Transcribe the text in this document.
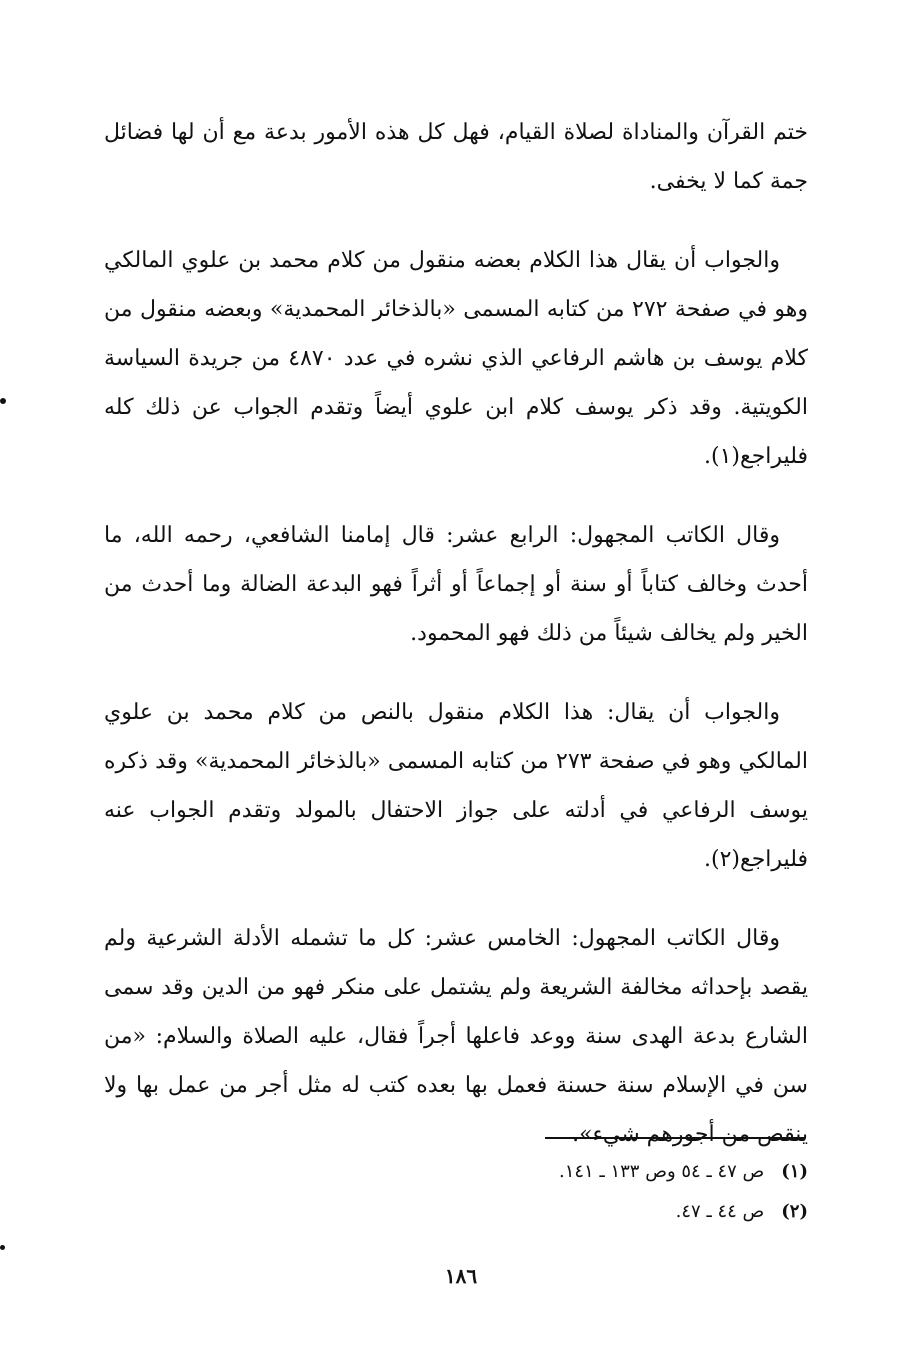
ختم القرآن والمناداة لصلاة القيام، فهل كل هذه الأمور بدعة مع أن لها فضائل جمة كما لا يخفى.

والجواب أن يقال هذا الكلام بعضه منقول من كلام محمد بن علوي المالكي وهو في صفحة ٢٧٢ من كتابه المسمى «بالذخائر المحمدية» وبعضه منقول من كلام يوسف بن هاشم الرفاعي الذي نشره في عدد ٤٨٧٠ من جريدة السياسة الكويتية. وقد ذكر يوسف كلام ابن علوي أيضاً وتقدم الجواب عن ذلك كله فليراجع(١).

وقال الكاتب المجهول: الرابع عشر: قال إمامنا الشافعي، رحمه الله، ما أحدث وخالف كتاباً أو سنة أو إجماعاً أو أثراً فهو البدعة الضالة وما أحدث من الخير ولم يخالف شيئاً من ذلك فهو المحمود.

والجواب أن يقال: هذا الكلام منقول بالنص من كلام محمد بن علوي المالكي وهو في صفحة ٢٧٣ من كتابه المسمى «بالذخائر المحمدية» وقد ذكره يوسف الرفاعي في أدلته على جواز الاحتفال بالمولد وتقدم الجواب عنه فليراجع(٢).

وقال الكاتب المجهول: الخامس عشر: كل ما تشمله الأدلة الشرعية ولم يقصد بإحداثه مخالفة الشريعة ولم يشتمل على منكر فهو من الدين وقد سمى الشارع بدعة الهدى سنة ووعد فاعلها أجراً فقال، عليه الصلاة والسلام: «من سن في الإسلام سنة حسنة فعمل بها بعده كتب له مثل أجر من عمل بها ولا ينقص من أجورهم شيء».

(١) ص ٤٧ ـ ٥٤ وص ١٣٣ ـ ١٤١.
(٢) ص ٤٤ ـ ٤٧.
١٨٦
